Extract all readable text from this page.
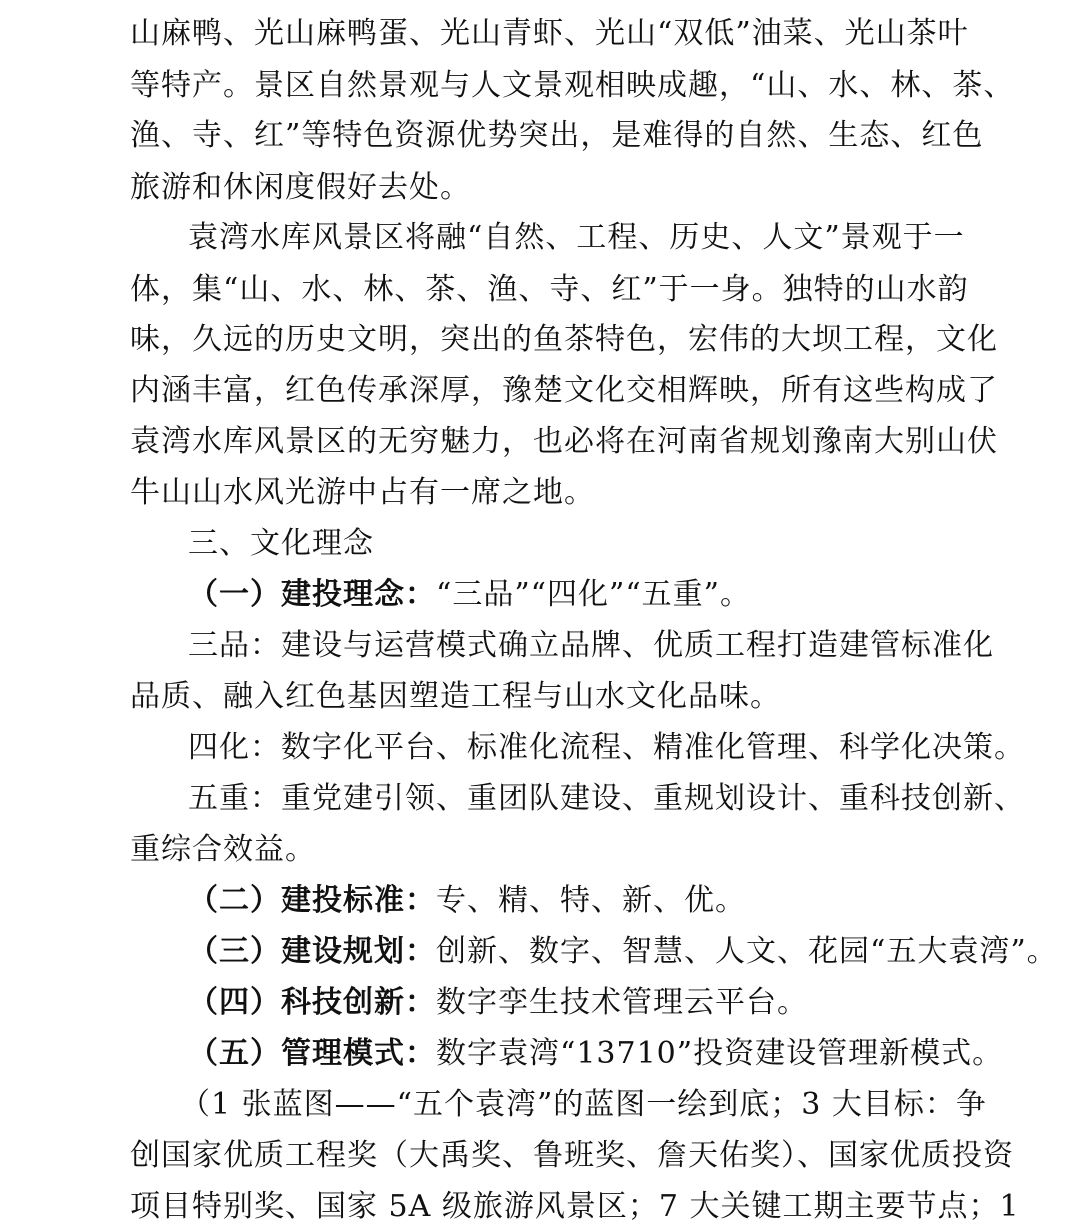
山麻鸭、光山麻鸭蛋、光山青虾、光山“双低”油菜、光山茶叶
等特产。景区自然景观与人文景观相映成趣，“山、水、林、茶、
渔、寺、红”等特色资源优势突出，是难得的自然、生态、红色
旅游和休闲度假好去处。
袁湾水库风景区将融“自然、工程、历史、人文”景观于一
体，集“山、水、林、茶、渔、寺、红”于一身。独特的山水韵
味，久远的历史文明，突出的鱼茶特色，宏伟的大坝工程，文化
内涵丰富，红色传承深厚，豫楚文化交相辉映，所有这些构成了
袁湾水库风景区的无穷魅力，也必将在河南省规划豫南大别山伏
牛山山水风光游中占有一席之地。
三、文化理念
（一）建投理念：“三品”“四化”“五重”。
三品：建设与运营模式确立品牌、优质工程打造建管标准化
品质、融入红色基因塑造工程与山水文化品味。
四化：数字化平台、标准化流程、精准化管理、科学化决策。
五重：重党建引领、重团队建设、重规划设计、重科技创新、
重综合效益。
（二）建投标准：专、精、特、新、优。
（三）建设规划：创新、数字、智慧、人文、花园“五大袁湾”。
（四）科技创新：数字孪生技术管理云平台。
（五）管理模式：数字袁湾“13710”投资建设管理新模式。
（1 张蓝图——“五个袁湾”的蓝图一绘到底；3 大目标：争
创国家优质工程奖（大禹奖、鲁班奖、詹天佑奖）、国家优质投资
项目特别奖、国家 5A 级旅游风景区；7 大关键工期主要节点；1
